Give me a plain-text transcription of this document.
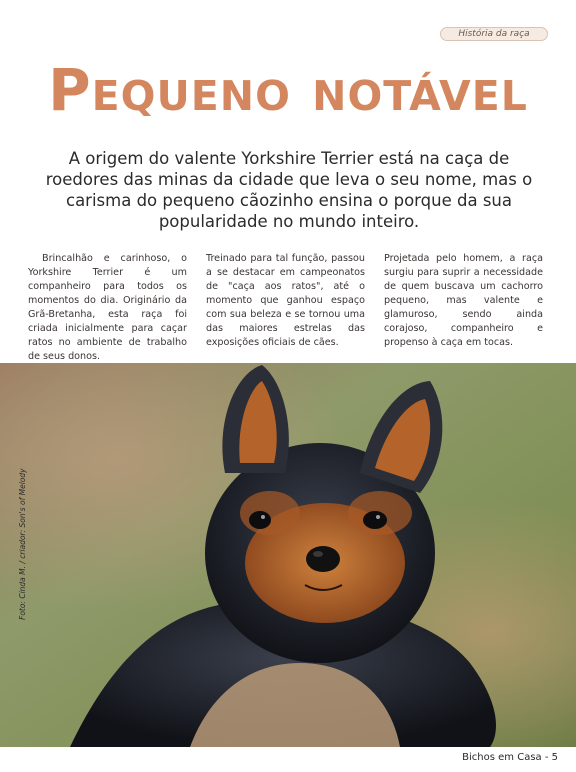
História da raça
Pequeno notável

A origem do valente Yorkshire Terrier está na caça de roedores das minas da cidade que leva o seu nome, mas o carisma do pequeno cãozinho ensina o porque da sua popularidade no mundo inteiro.

Brincalhão e carinhoso, o Yorkshire Terrier é um companheiro para todos os momentos do dia. Originário da Grã-Bretanha, esta raça foi criada inicialmente para caçar ratos no ambiente de trabalho de seus donos.
Treinado para tal função, passou a se destacar em campeonatos de "caça aos ratos", até o momento que ganhou espaço com sua beleza e se tornou uma das maiores estrelas das exposições oficiais de cães.
Projetada pelo homem, a raça surgiu para suprir a necessidade de quem buscava um cachorro pequeno, mas valente e glamuroso, sendo ainda corajoso, companheiro e propenso à caça em tocas.
Foto: Cinda M. / criador: Son's of Melody
Bichos em Casa - 5
